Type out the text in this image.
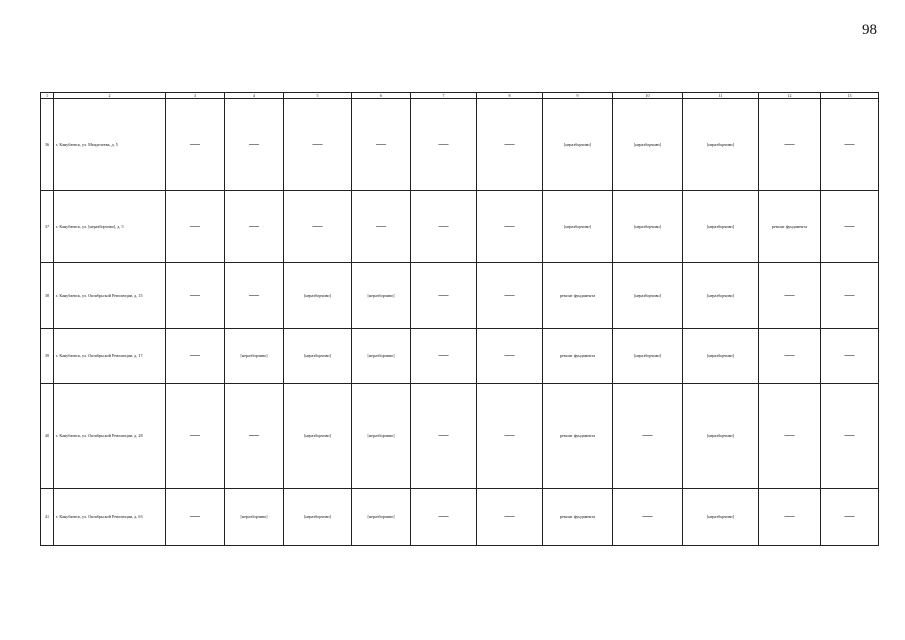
98
1	2	3	4	5	6	7	8	9	10	11	12	13
36	г. Канубаевск, ул. Менделеева, д. 5	—	—	—	—	—	—	[неразборчиво]	[неразборчиво]	[неразборчиво]	—	—
37	г. Канубаевск, ул. [неразборчиво], д. 5	—	—	—	—	—	—	[неразборчиво]	[неразборчиво]	[неразборчиво]	ремонт фундамента	—
38	г. Канубаевск, ул. Октябрьской Революции, д. 15	—	—	[неразборчиво]	[неразборчиво]	—	—	ремонт фундамента	[неразборчиво]	[неразборчиво]	—	—
39	г. Канубаевск, ул. Октябрьской Революции, д. 17	—	[неразборчиво]	[неразборчиво]	[неразборчиво]	—	—	ремонт фундамента	[неразборчиво]	[неразборчиво]	—	—
40	г. Канубаевск, ул. Октябрьской Революции, д. 28	—	—	[неразборчиво]	[неразборчиво]	—	—	ремонт фундамента	—	[неразборчиво]	—	—
41	г. Канубаевск, ул. Октябрьской Революции, д. 63	—	[неразборчиво]	[неразборчиво]	[неразборчиво]	—	—	ремонт фундамента	—	[неразборчиво]	—	—
